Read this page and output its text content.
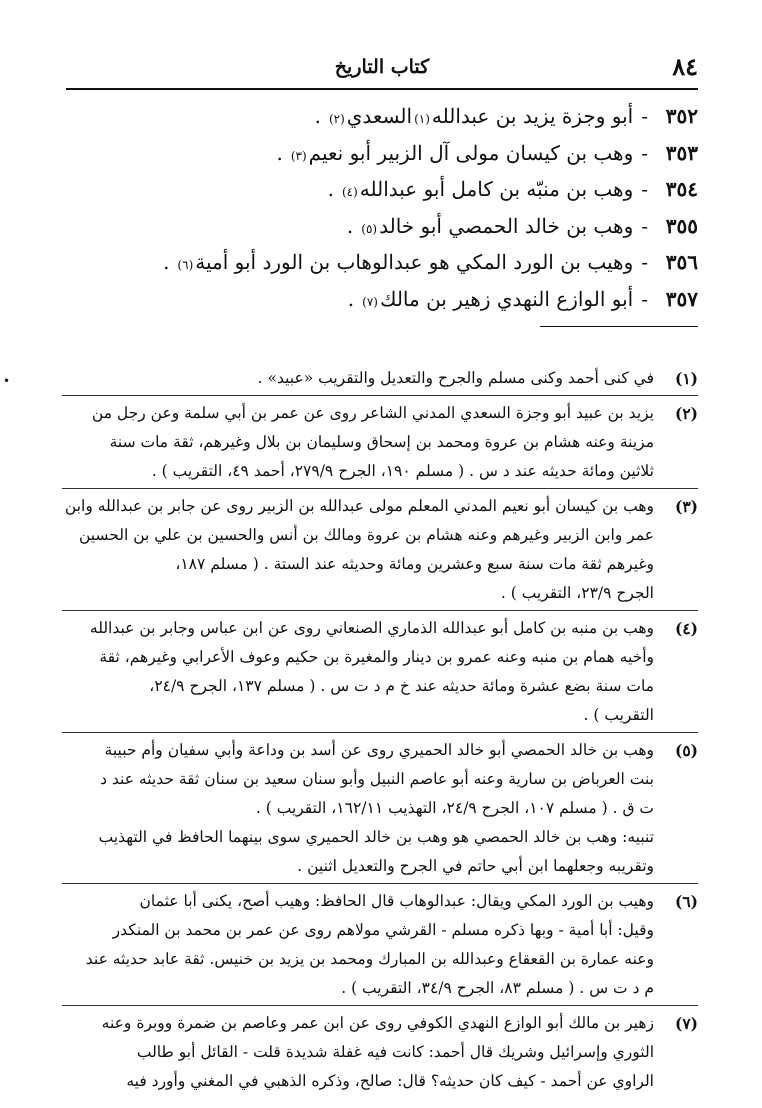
٨٤
كتاب التاريخ
٣٥٢
-
أبو وجزة يزيد بن عبدالله
(١)
السعدي
(٢)
.
٣٥٣
-
وهب بن كيسان مولى آل الزبير أبو نعيم
(٣)
.
٣٥٤
-
وهب بن منبّه بن كامل أبو عبدالله
(٤)
.
٣٥٥
-
وهب بن خالد الحمصي أبو خالد
(٥)
.
٣٥٦
-
وهيب بن الورد المكي هو عبدالوهاب بن الورد أبو أمية
(٦)
.
٣٥٧
-
أبو الوازع النهدي زهير بن مالك
(٧)
.
•	(١)
في كنى أحمد وكنى مسلم والجرح والتعديل والتقريب «عبيد» .
(٢)
يزيد بن عبيد أبو وجزة السعدي المدني الشاعر روى عن عمر بن أبي سلمة وعن رجل من
مزينة وعنه هشام بن عروة ومحمد بن إسحاق وسليمان بن بلال وغيرهم، ثقة مات سنة
ثلاثين ومائة حديثه عند د س . ( مسلم ١٩٠، الجرح ٢٧٩/٩، أحمد ٤٩، التقريب ) .
(٣)
وهب بن كيسان أبو نعيم المدني المعلم مولى عبدالله بن الزبير روى عن جابر بن عبدالله وابن
عمر وابن الزبير وغيرهم وعنه هشام بن عروة ومالك بن أنس والحسين بن علي بن الحسين
وغيرهم ثقة مات سنة سبع وعشرين ومائة وحديثه عند الستة . ( مسلم ١٨٧،
الجرح ٢٣/٩، التقريب ) .
(٤)
وهب بن منبه بن كامل أبو عبدالله الذماري الصنعاني روى عن ابن عباس وجابر بن عبدالله
وأخيه همام بن منبه وعنه عمرو بن دينار والمغيرة بن حكيم وعوف الأعرابي وغيرهم، ثقة
مات سنة بضع عشرة ومائة حديثه عند خ م د ت س . ( مسلم ١٣٧، الجرح ٢٤/٩،
التقريب ) .
(٥)
وهب بن خالد الحمصي أبو خالد الحميري روى عن أسد بن وداعة وأبي سفيان وأم حبيبة
بنت العرباض بن سارية وعنه أبو عاصم النبيل وأبو سنان سعيد بن سنان ثقة حديثه عند د
ت ق . ( مسلم ١٠٧، الجرح ٢٤/٩، التهذيب ١٦٢/١١، التقريب ) .
تنبيه: وهب بن خالد الحمصي هو وهب بن خالد الحميري سوى بينهما الحافظ في التهذيب
وتقريبه وجعلهما ابن أبي حاتم في الجرح والتعديل اثنين .
(٦)
وهيب بن الورد المكي ويقال: عبدالوهاب قال الحافظ: وهيب أصح، يكنى أبا عثمان
وقيل: أبا أمية - وبها ذكره مسلم - القرشي مولاهم روى عن عمر بن محمد بن المنكدر
وعنه عمارة بن القعقاع وعبدالله بن المبارك ومحمد بن يزيد بن خنيس. ثقة عابد حديثه عند
م د ت س . ( مسلم ٨٣، الجرح ٣٤/٩، التقريب ) .
(٧)
زهير بن مالك أبو الوازع النهدي الكوفي روى عن ابن عمر وعاصم بن ضمرة ووبرة وعنه
الثوري وإسرائيل وشريك قال أحمد: كانت فيه غفلة شديدة قلت - القائل أبو طالب
الراوي عن أحمد - كيف كان حديثه؟ قال: صالح، وذكره الذهبي في المغني وأورد فيه
